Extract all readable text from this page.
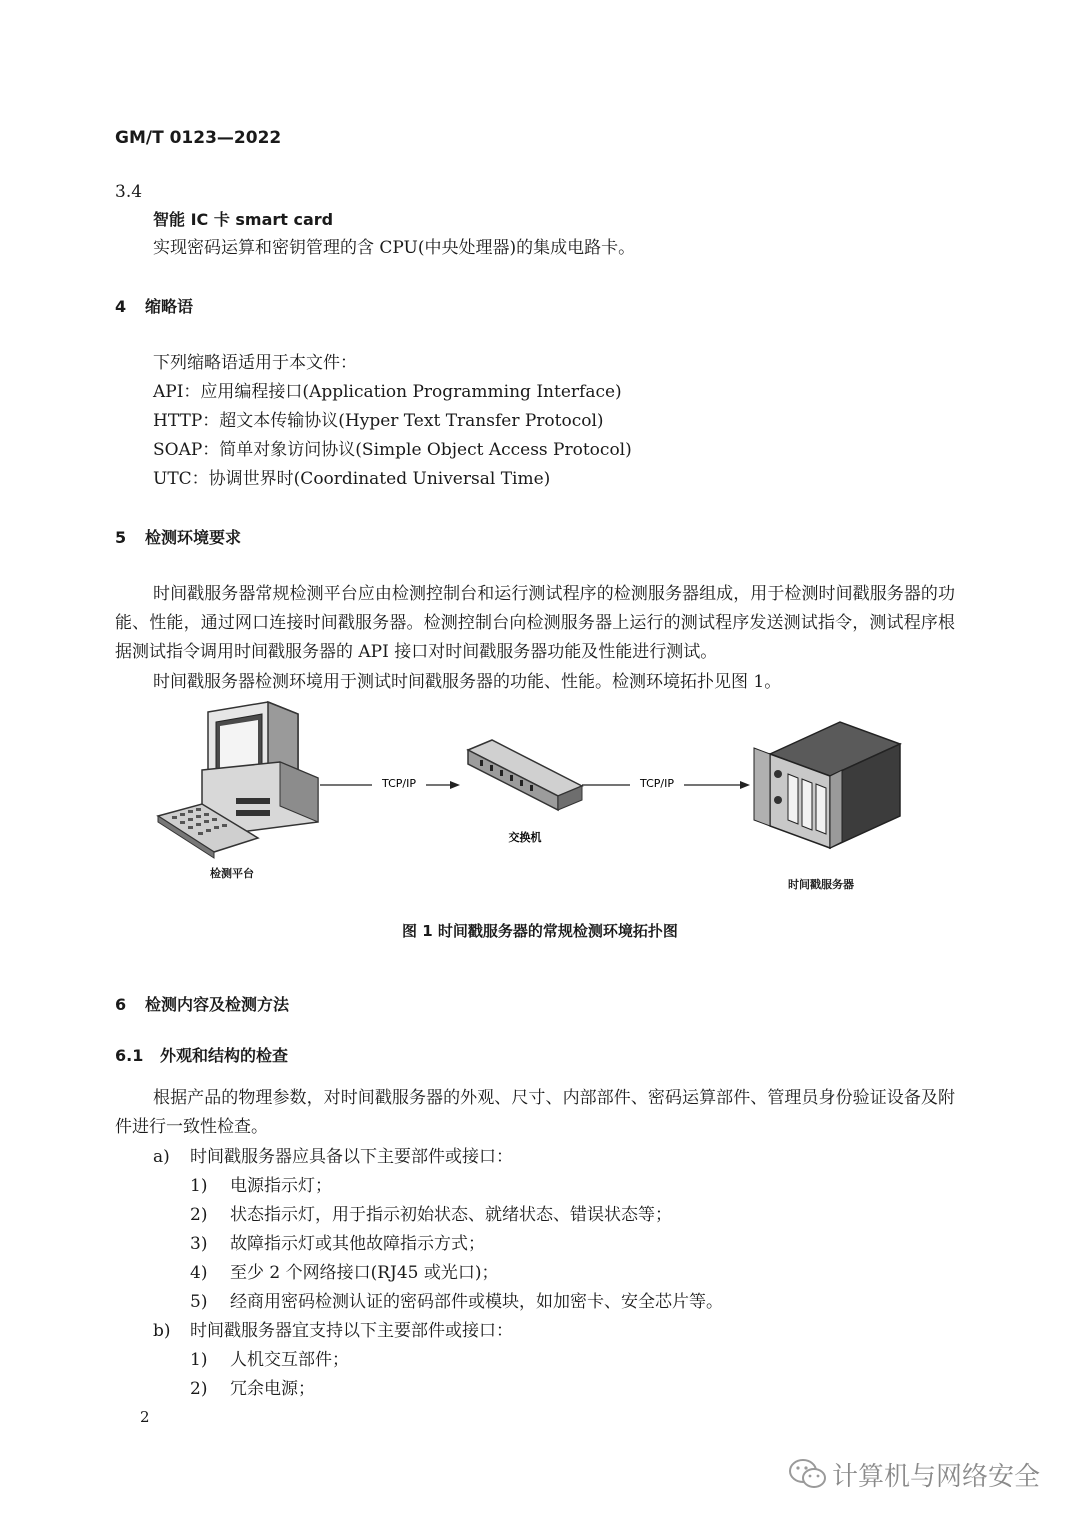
GM/T 0123—2022
3.4
智能 IC 卡 smart card
实现密码运算和密钥管理的含 CPU(中央处理器)的集成电路卡。
4 缩略语
下列缩略语适用于本文件：
API：应用编程接口(Application Programming Interface)
HTTP：超文本传输协议(Hyper Text Transfer Protocol)
SOAP：简单对象访问协议(Simple Object Access Protocol)
UTC：协调世界时(Coordinated Universal Time)
5 检测环境要求
时间戳服务器常规检测平台应由检测控制台和运行测试程序的检测服务器组成，用于检测时间戳服务器的功能、性能，通过网口连接时间戳服务器。检测控制台向检测服务器上运行的测试程序发送测试指令，测试程序根据测试指令调用时间戳服务器的 API 接口对时间戳服务器功能及性能进行测试。
时间戳服务器检测环境用于测试时间戳服务器的功能、性能。检测环境拓扑见图 1。
TCP/IP
交换机
TCP/IP
检测平台
时间戳服务器
图 1 时间戳服务器的常规检测环境拓扑图
6 检测内容及检测方法
6.1 外观和结构的检查
根据产品的物理参数，对时间戳服务器的外观、尺寸、内部部件、密码运算部件、管理员身份验证设备及附件进行一致性检查。
a) 时间戳服务器应具备以下主要部件或接口：
1) 电源指示灯；
2) 状态指示灯，用于指示初始状态、就绪状态、错误状态等；
3) 故障指示灯或其他故障指示方式；
4) 至少 2 个网络接口(RJ45 或光口)；
5) 经商用密码检测认证的密码部件或模块，如加密卡、安全芯片等。
b) 时间戳服务器宜支持以下主要部件或接口：
1) 人机交互部件；
2) 冗余电源；
2
计算机与网络安全
